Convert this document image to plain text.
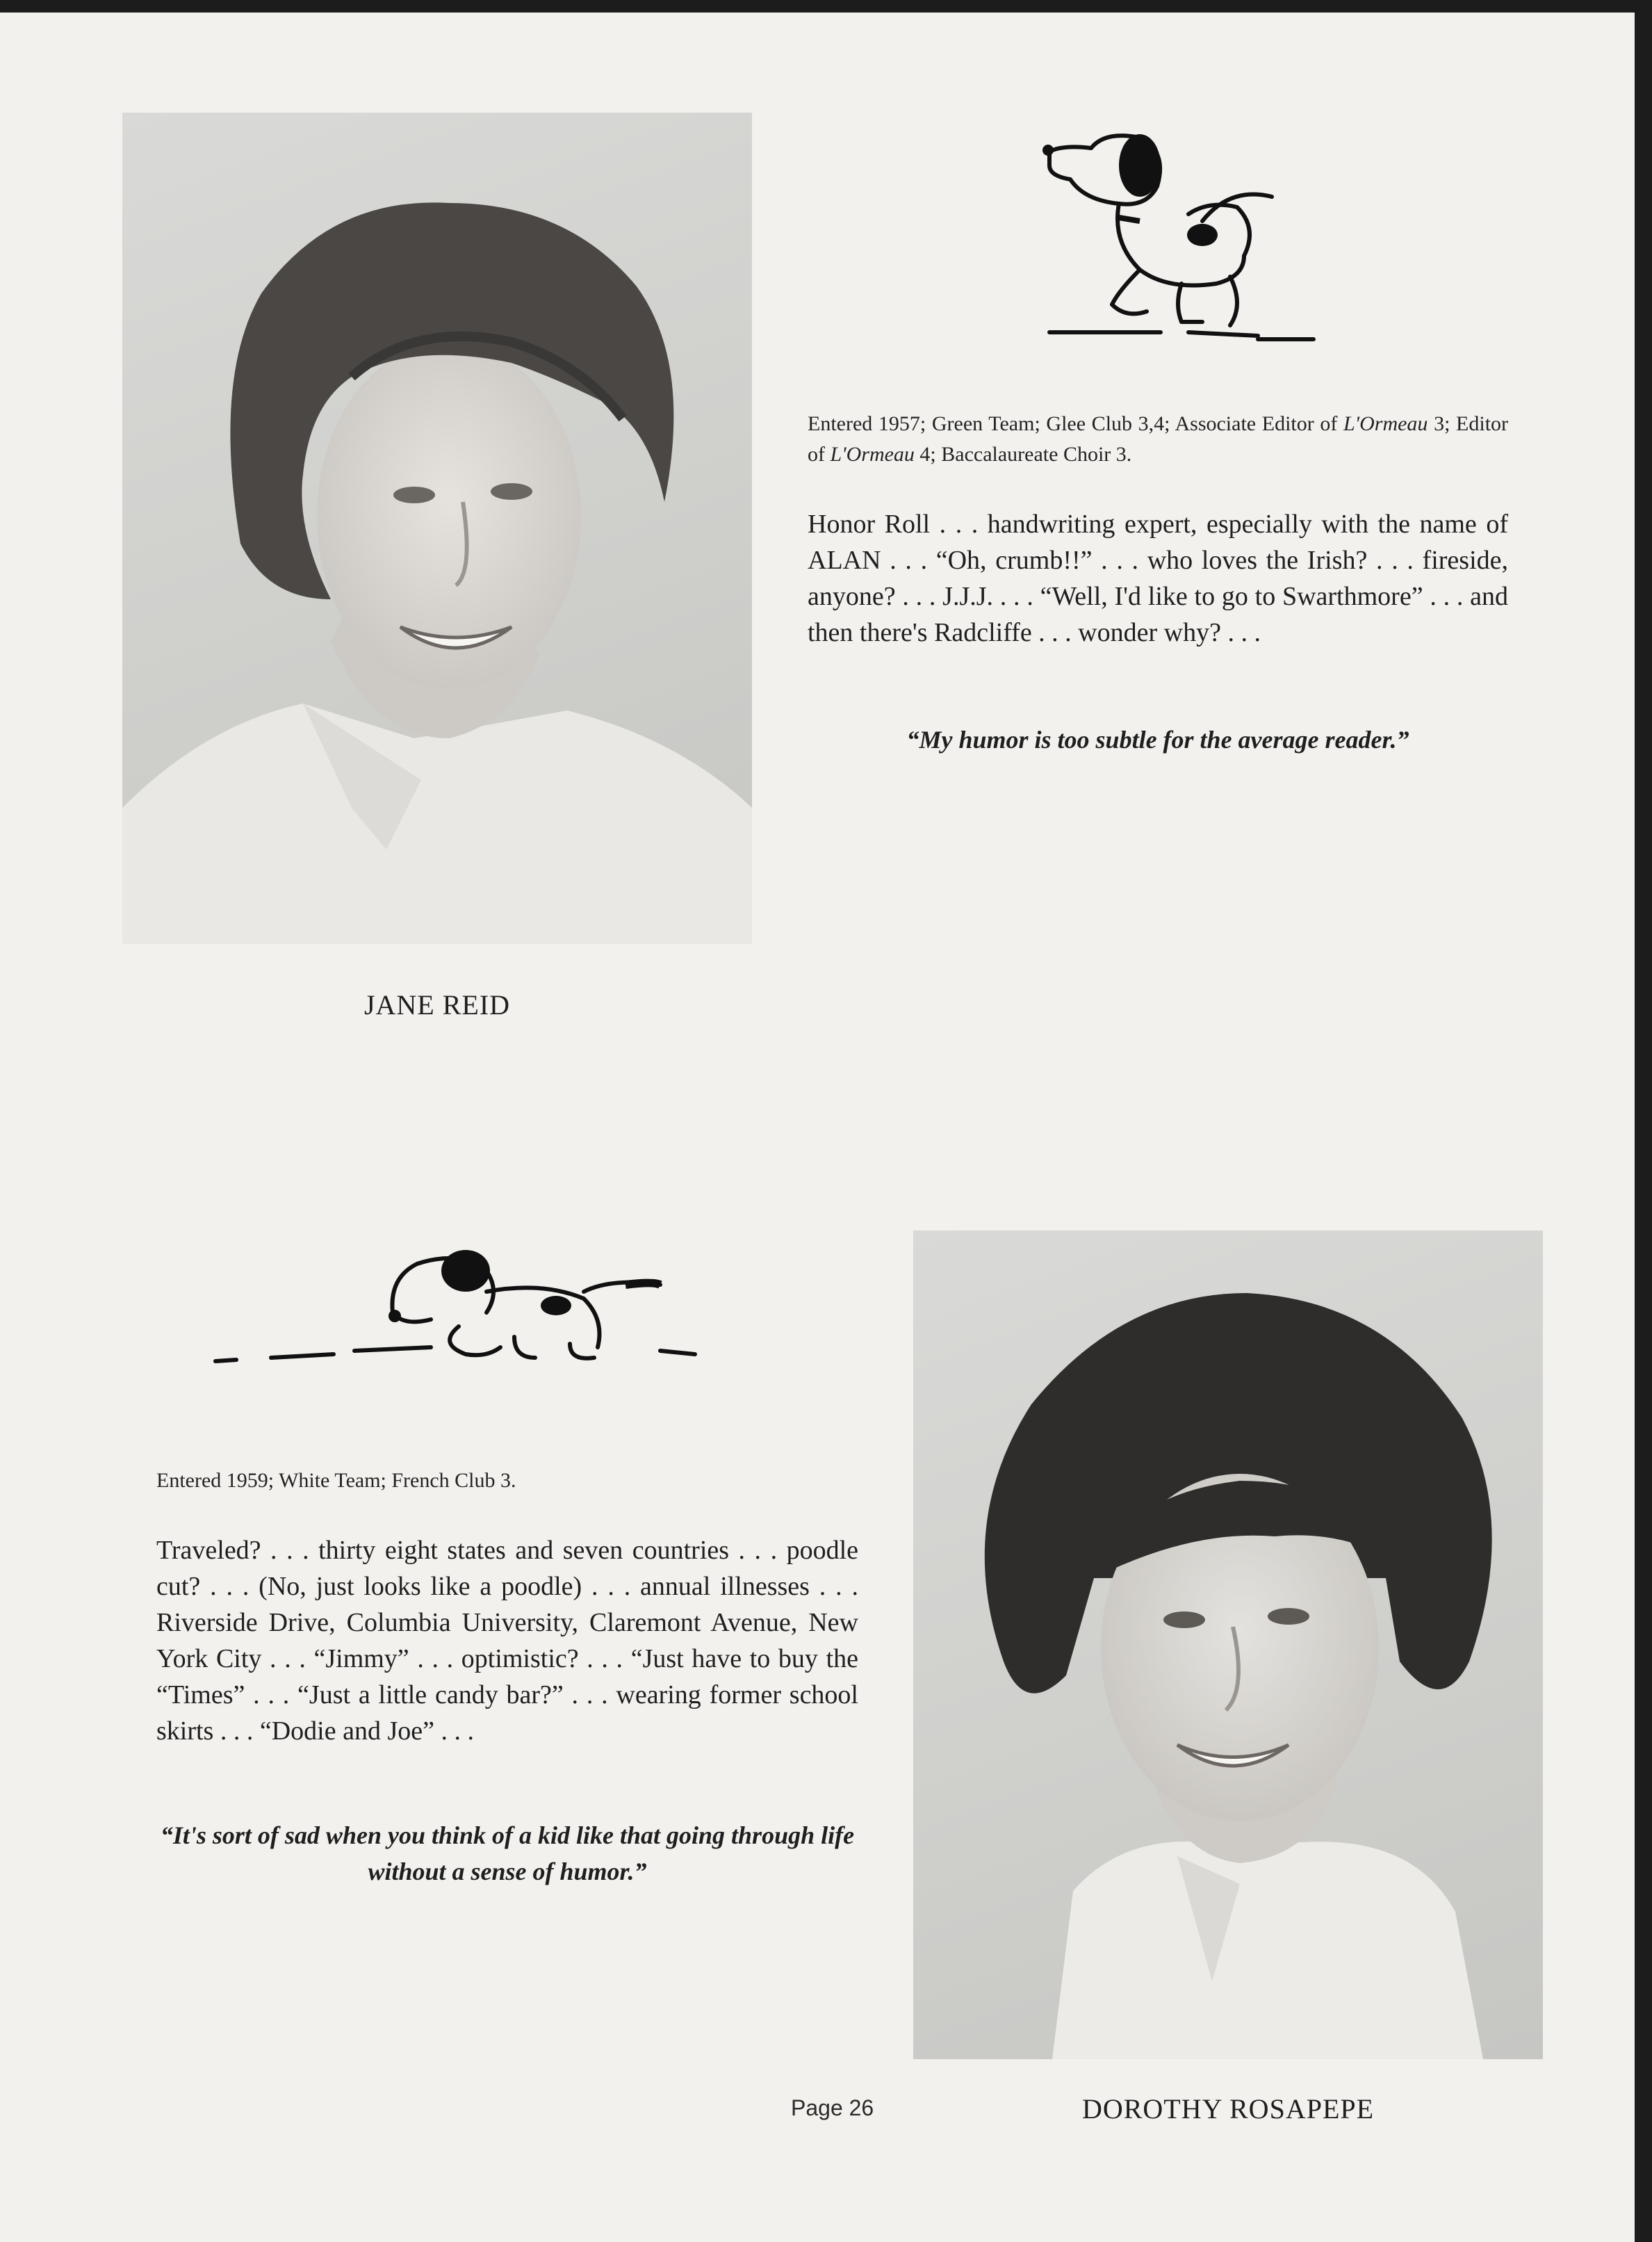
Entered 1957; Green Team; Glee Club 3,4; Associate Editor of L'Ormeau 3; Editor of L'Ormeau 4; Baccalaureate Choir 3.

Honor Roll . . . handwriting expert, especially with the name of ALAN . . . “Oh, crumb!!” . . . who loves the Irish? . . . fireside, anyone? . . . J.J.J. . . . “Well, I'd like to go to Swarthmore” . . . and then there's Radcliffe . . . wonder why? . . .

“My humor is too subtle for the average reader.”
JANE REID
Entered 1959; White Team; French Club 3.

Traveled? . . . thirty eight states and seven countries . . . poodle cut? . . . (No, just looks like a poodle) . . . annual illnesses . . . Riverside Drive, Columbia University, Claremont Avenue, New York City . . . “Jimmy” . . . optimistic? . . . “Just have to buy the “Times” . . . “Just a little candy bar?” . . . wearing former school skirts . . . “Dodie and Joe” . . .

“It's sort of sad when you think of a kid like that going through life without a sense of humor.”
Page 26	DOROTHY ROSAPEPE
